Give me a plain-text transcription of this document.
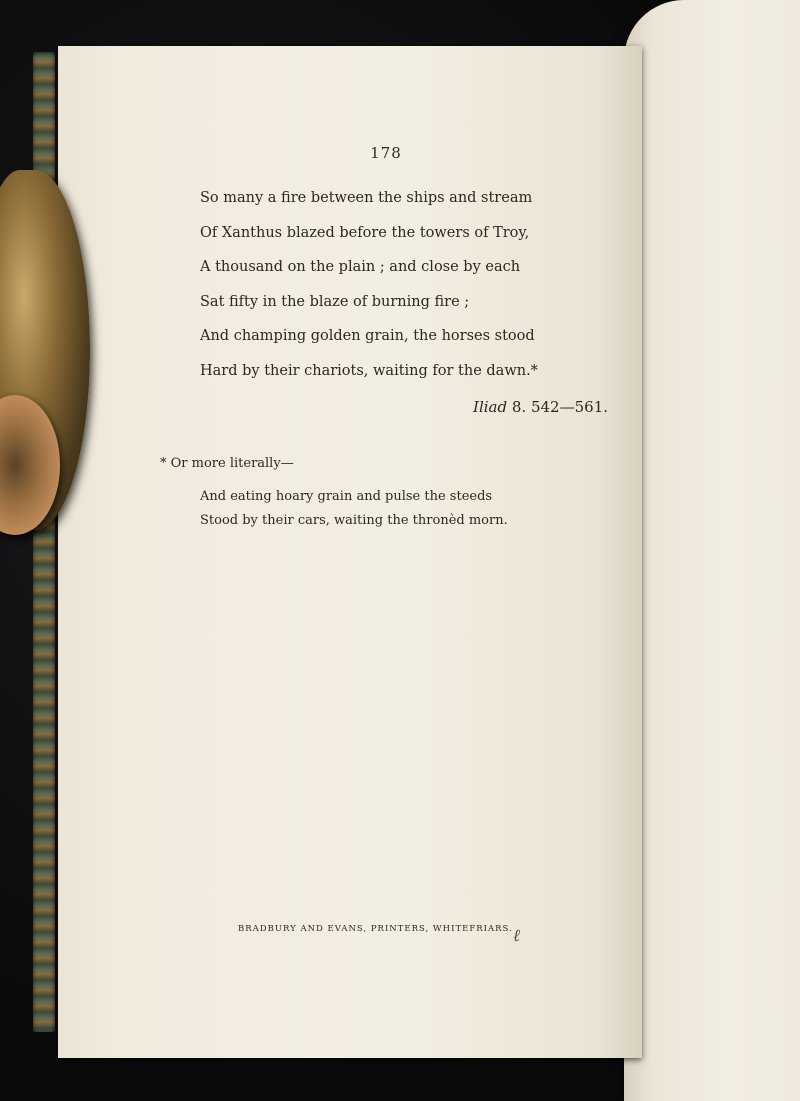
178
So many a fire between the ships and stream
Of Xanthus blazed before the towers of Troy,
A thousand on the plain ; and close by each
Sat fifty in the blaze of burning fire ;
And champing golden grain, the horses stood
Hard by their chariots, waiting for the dawn.*
Iliad 8. 542—561.
* Or more literally—
And eating hoary grain and pulse the steeds
Stood by their cars, waiting the thronèd morn.
BRADBURY AND EVANS, PRINTERS, WHITEFRIARS. ℓ
